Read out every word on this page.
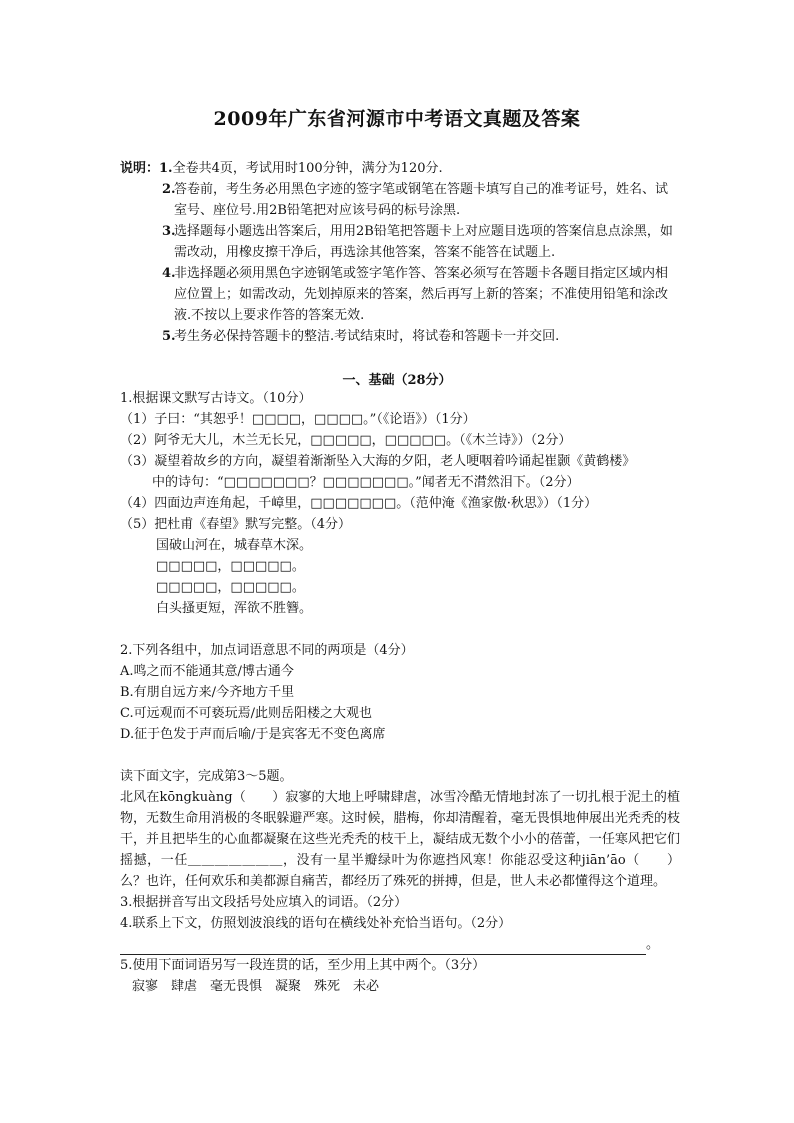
2009年广东省河源市中考语文真题及答案
说明：1.全卷共4页，考试用时100分钟，满分为120分.
2.
答卷前，考生务必用黑色字迹的签字笔或钢笔在答题卡填写自己的准考证号，姓名、试室号、座位号.用2B铅笔把对应该号码的标号涂黑.
3.
选择题每小题选出答案后，用用2B铅笔把答题卡上对应题目选项的答案信息点涂黑，如需改动，用橡皮擦干净后，再选涂其他答案，答案不能答在试题上.
4.
非选择题必须用黑色字迹钢笔或签字笔作答、答案必须写在答题卡各题目指定区域内相应位置上；如需改动，先划掉原来的答案，然后再写上新的答案；不准使用铅笔和涂改液.不按以上要求作答的答案无效.
5.
考生务必保持答题卡的整洁.考试结束时，将试卷和答题卡一并交回.
一、基础（28分）
1.根据课文默写古诗文。（10分）
（1）子曰：“其恕乎！□□□□，□□□□。”（《论语》）（1分）
（2）阿爷无大儿，木兰无长兄，□□□□□，□□□□□。（《木兰诗》）（2分）
（3）凝望着故乡的方向，凝望着渐渐坠入大海的夕阳，老人哽咽着吟诵起崔颢《黄鹤楼》
中的诗句：“□□□□□□□？□□□□□□□。”闻者无不潸然泪下。（2分）
（4）四面边声连角起，千嶂里，□□□□□□□。（范仲淹《渔家傲·秋思》）（1分）
（5）把杜甫《春望》默写完整。（4分）
国破山河在，城春草木深。
□□□□□，□□□□□。
□□□□□，□□□□□。
白头搔更短，浑欲不胜簪。
2.下列各组中，加点词语意思不同的两项是（4分）
A.鸣之而不能通其意/博古通今
B.有朋自远方来/今齐地方千里
C.可远观而不可亵玩焉/此则岳阳楼之大观也
D.征于色发于声而后喻/于是宾客无不变色离席
读下面文字，完成第3～5题。
北风在kōngkuàng（　　）寂寥的大地上呼啸肆虐，冰雪冷酷无情地封冻了一切扎根于泥土的植物，无数生命用消极的冬眠躲避严寒。这时候，腊梅，你却清醒着，毫无畏惧地伸展出光秃秃的枝干，并且把毕生的心血都凝聚在这些光秃秃的枝干上，凝结成无数个小小的蓓蕾，一任寒风把它们摇撼，一任＿＿＿＿＿＿＿，没有一星半瓣绿叶为你遮挡风寒！你能忍受这种jiān’āo（　　）么？也许，任何欢乐和美都源自痛苦，都经历了殊死的拼搏，但是，世人未必都懂得这个道理。
3.根据拼音写出文段括号处应填入的词语。（2分）
4.联系上下文，仿照划波浪线的语句在横线处补充恰当语句。（2分）
。
5.使用下面词语另写一段连贯的话，至少用上其中两个。（3分）
寂寥　肆虐　毫无畏惧　凝聚　殊死　未必
